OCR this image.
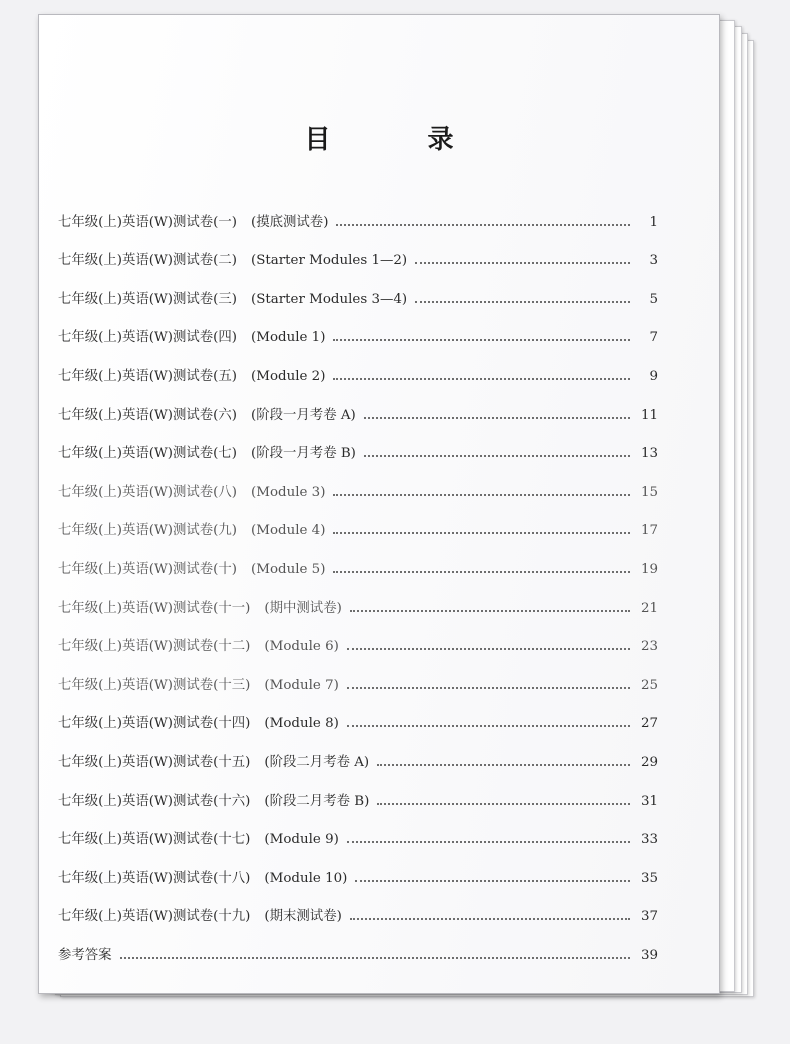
目 录
七年级(上)英语(W)测试卷(一) (摸底测试卷)	1
七年级(上)英语(W)测试卷(二) (Starter Modules 1—2)	3
七年级(上)英语(W)测试卷(三) (Starter Modules 3—4)	5
七年级(上)英语(W)测试卷(四) (Module 1)	7
七年级(上)英语(W)测试卷(五) (Module 2)	9
七年级(上)英语(W)测试卷(六) (阶段一月考卷 A)	11
七年级(上)英语(W)测试卷(七) (阶段一月考卷 B)	13
七年级(上)英语(W)测试卷(八) (Module 3)	15
七年级(上)英语(W)测试卷(九) (Module 4)	17
七年级(上)英语(W)测试卷(十) (Module 5)	19
七年级(上)英语(W)测试卷(十一) (期中测试卷)	21
七年级(上)英语(W)测试卷(十二) (Module 6)	23
七年级(上)英语(W)测试卷(十三) (Module 7)	25
七年级(上)英语(W)测试卷(十四) (Module 8)	27
七年级(上)英语(W)测试卷(十五) (阶段二月考卷 A)	29
七年级(上)英语(W)测试卷(十六) (阶段二月考卷 B)	31
七年级(上)英语(W)测试卷(十七) (Module 9)	33
七年级(上)英语(W)测试卷(十八) (Module 10)	35
七年级(上)英语(W)测试卷(十九) (期末测试卷)	37
参考答案	39
